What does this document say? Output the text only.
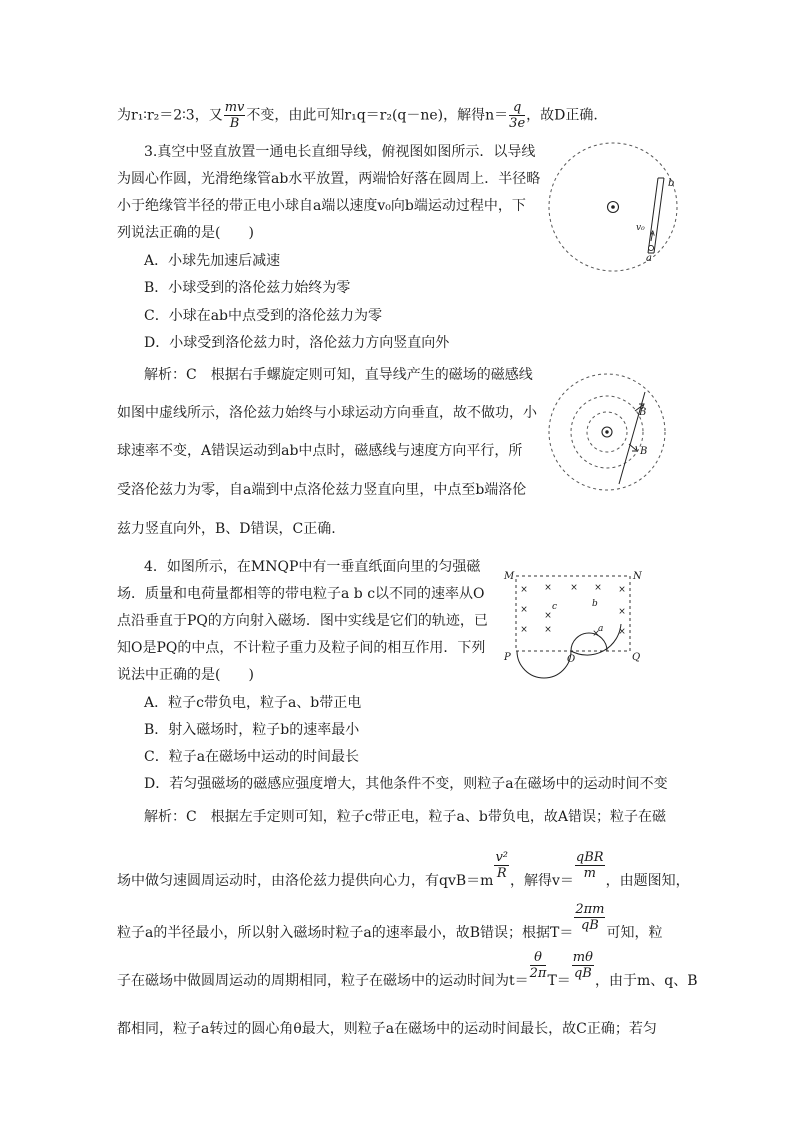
为r₁∶r₂＝2∶3，又 $\frac{mv}{B}$ 不变，由此可知r₁q＝r₂(q－ne)，解得$n= \frac{q}{3e}$ ，故D正确.
3.真空中竖直放置一通电长直细导线，俯视图如图所示．以导线
为圆心作圆，光滑绝缘管ab水平放置，两端恰好落在圆周上．半径略
小于绝缘管半径的带正电小球自a端以速度v₀向b端运动过程中，下
列说法正确的是(　　)
A．小球先加速后减速
B．小球受到的洛伦兹力始终为零
C．小球在ab中点受到的洛伦兹力为零
D．小球受到洛伦兹力时，洛伦兹力方向竖直向外
b
a
v₀
解析：C　根据右手螺旋定则可知，直导线产生的磁场的磁感线
如图中虚线所示，洛伦兹力始终与小球运动方向垂直，故不做功，小
球速率不变，A错误运动到ab中点时，磁感线与速度方向平行，所
受洛伦兹力为零，自a端到中点洛伦兹力竖直向里，中点至b端洛伦
兹力竖直向外，B、D错误，C正确.
B
B
4．如图所示，在MNQP中有一垂直纸面向里的匀强磁
场．质量和电荷量都相等的带电粒子a b c以不同的速率从O
点沿垂直于PQ的方向射入磁场．图中实线是它们的轨迹，已
知O是PQ的中点，不计粒子重力及粒子间的相互作用．下列
说法中正确的是(　　)
A．粒子c带负电，粒子a、b带正电
B．射入磁场时，粒子b的速率最小
C．粒子a在磁场中运动的时间最长
D．若匀强磁场的磁感应强度增大，其他条件不变，则粒子a在磁场中的运动时间不变
× × × × ×
×
×	×
× ×	×
×
M	N
P	Q
O
a
b
c
解析：C　根据左手定则可知，粒子c带正电，粒子a、b带负电，故A错误；粒子在磁
场中做匀速圆周运动时，由洛伦兹力提供向心力，有$qvB=m \frac{\text{v²}}{R}$ ，解得v＝
qBR
m ，由题图知，
粒子a的半径最小，所以射入磁场时粒子a的速率最小，故B错误；根据$T= \frac{2\pi m}{qB}$ 可知，粒
子在磁场中做圆周运动的周期相同，粒子在磁场中的运动时间为$t= \frac{\theta}{2\pi} T= \frac{m\theta}{qB}$ ，由于m、q、B
都相同，粒子a转过的圆心角θ最大，则粒子a在磁场中的运动时间最长，故C正确；若匀
